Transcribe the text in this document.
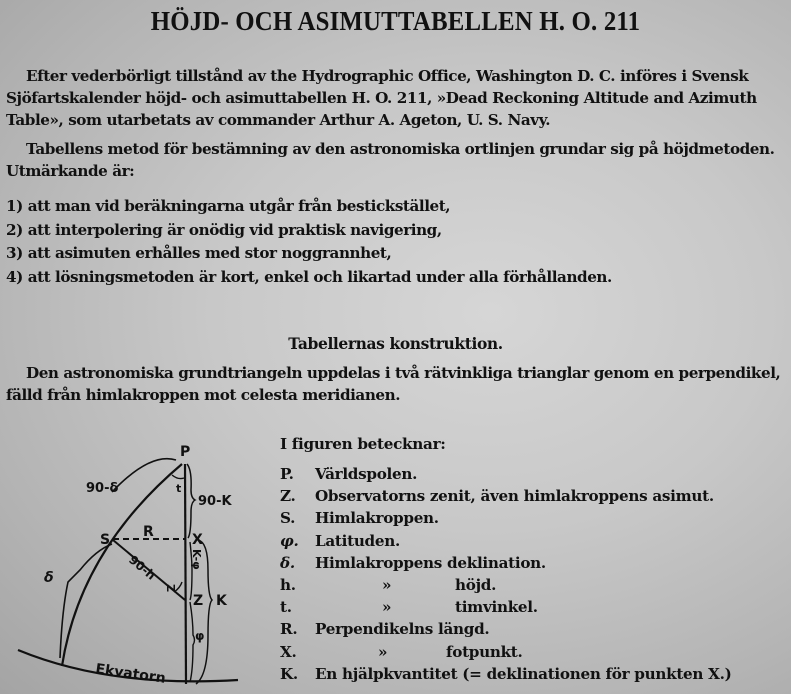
HÖJD- OCH ASIMUTTABELLEN H. O. 211
Efter vederbörligt tillstånd av the Hydrographic Office, Washington D. C. införes i Svensk Sjöfartskalender höjd- och asimuttabellen H. O. 211, »Dead Reckoning Altitude and Azimuth Table», som utarbetats av commander Arthur A. Ageton, U. S. Navy.
Tabellens metod för bestämning av den astronomiska ortlinjen grundar sig på höjdmetoden. Utmärkande är:
1) att man vid beräkningarna utgår från bestickstället,
2) att interpolering är onödig vid praktisk navigering,
3) att asimuten erhålles med stor noggrannhet,
4) att lösningsmetoden är kort, enkel och likartad under alla förhållanden.
Tabellernas konstruktion.
Den astronomiska grundtriangeln uppdelas i två rätvinkliga trianglar genom en perpendikel, fälld från himlakroppen mot celesta meridianen.
P
S R	X
Z K
90-δ
90-K
t
δ
φ
90-h
Z
K-φ
Ekvatorn
I figuren betecknar:
P. Världspolen.
Z. Observatorns zenit, även himlakroppens asimut.
S. Himlakroppen.
φ. Latituden.
δ. Himlakroppens deklination.
h.	»	höjd.
t.	»	timvinkel.
R. Perpendikelns längd.
X.	»	fotpunkt.
K. En hjälpkvantitet (= deklinationen för punkten X.)
